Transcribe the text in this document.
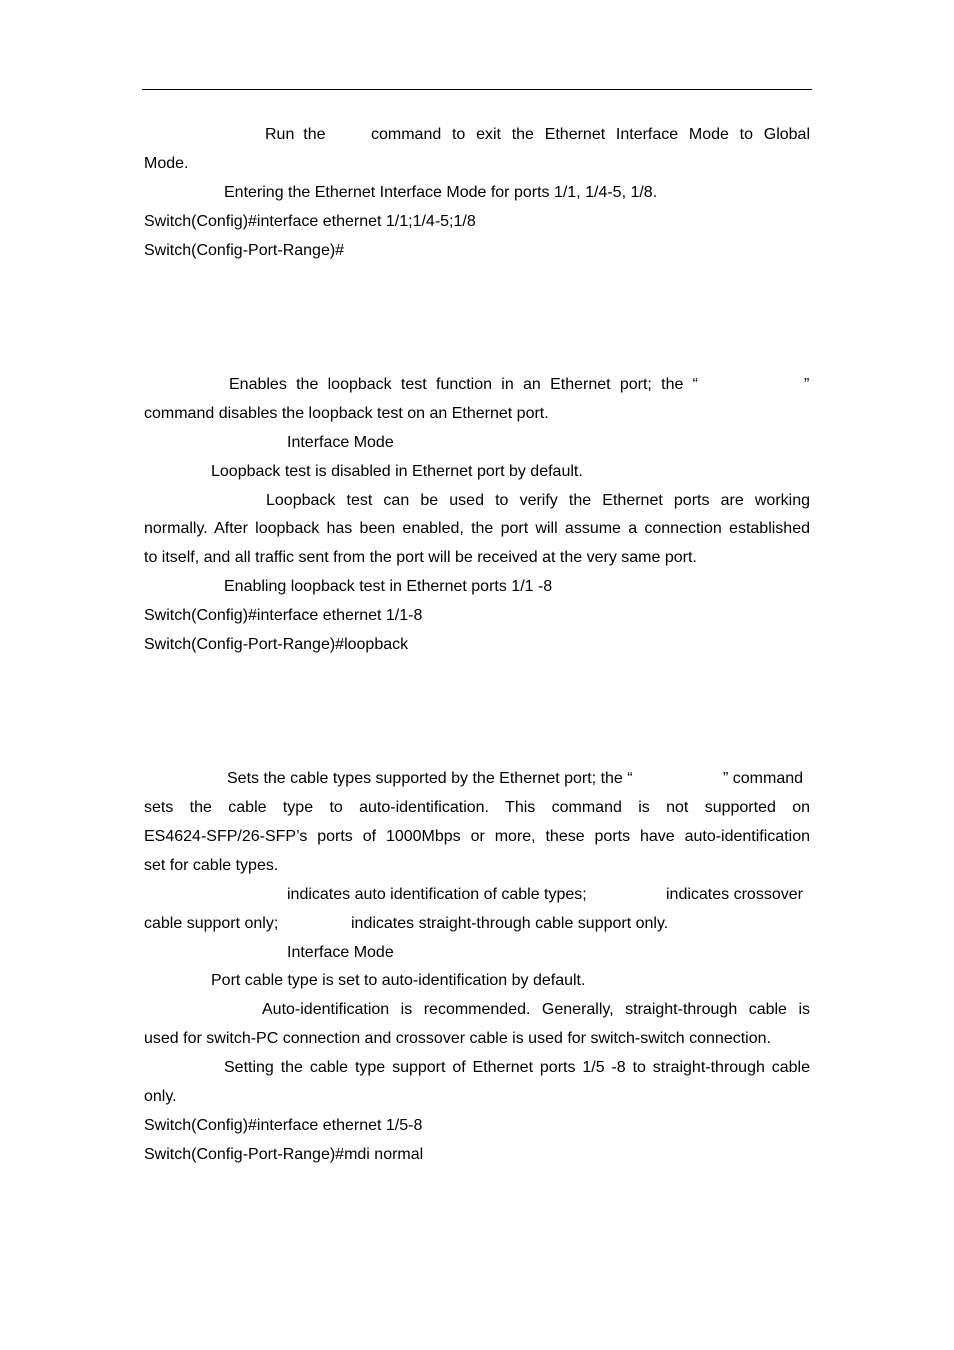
Run  the	command to exit the Ethernet Interface Mode to Global
Mode.
Entering the Ethernet Interface Mode for ports 1/1, 1/4-5, 1/8.
Switch(Config)#interface ethernet 1/1;1/4-5;1/8
Switch(Config-Port-Range)#
Enables  the  loopback  test  function  in  an  Ethernet  port;  the  “	”
command disables the loopback test on an Ethernet port.
Interface Mode
Loopback test is disabled in Ethernet port by default.
Loopback test can be used to verify the Ethernet ports are working
normally. After loopback has been enabled, the port will assume a connection established
to itself, and all traffic sent from the port will be received at the very same port.
Enabling loopback test in Ethernet ports 1/1 -8
Switch(Config)#interface ethernet 1/1-8
Switch(Config-Port-Range)#loopback
Sets the cable types supported by the Ethernet port; the “	” command
sets the cable type to auto-identification. This command is not supported on
ES4624-SFP/26-SFP’s ports of 1000Mbps or more, these ports have auto-identification
set for cable types.
indicates auto identification of cable types;	indicates crossover
cable support only;	indicates straight-through cable support only.
Interface Mode
Port cable type is set to auto-identification by default.
Auto-identification is recommended. Generally, straight-through cable is
used for switch-PC connection and crossover cable is used for switch-switch connection.
Setting the cable type support of Ethernet ports 1/5 -8 to straight-through cable
only.
Switch(Config)#interface ethernet 1/5-8
Switch(Config-Port-Range)#mdi normal
